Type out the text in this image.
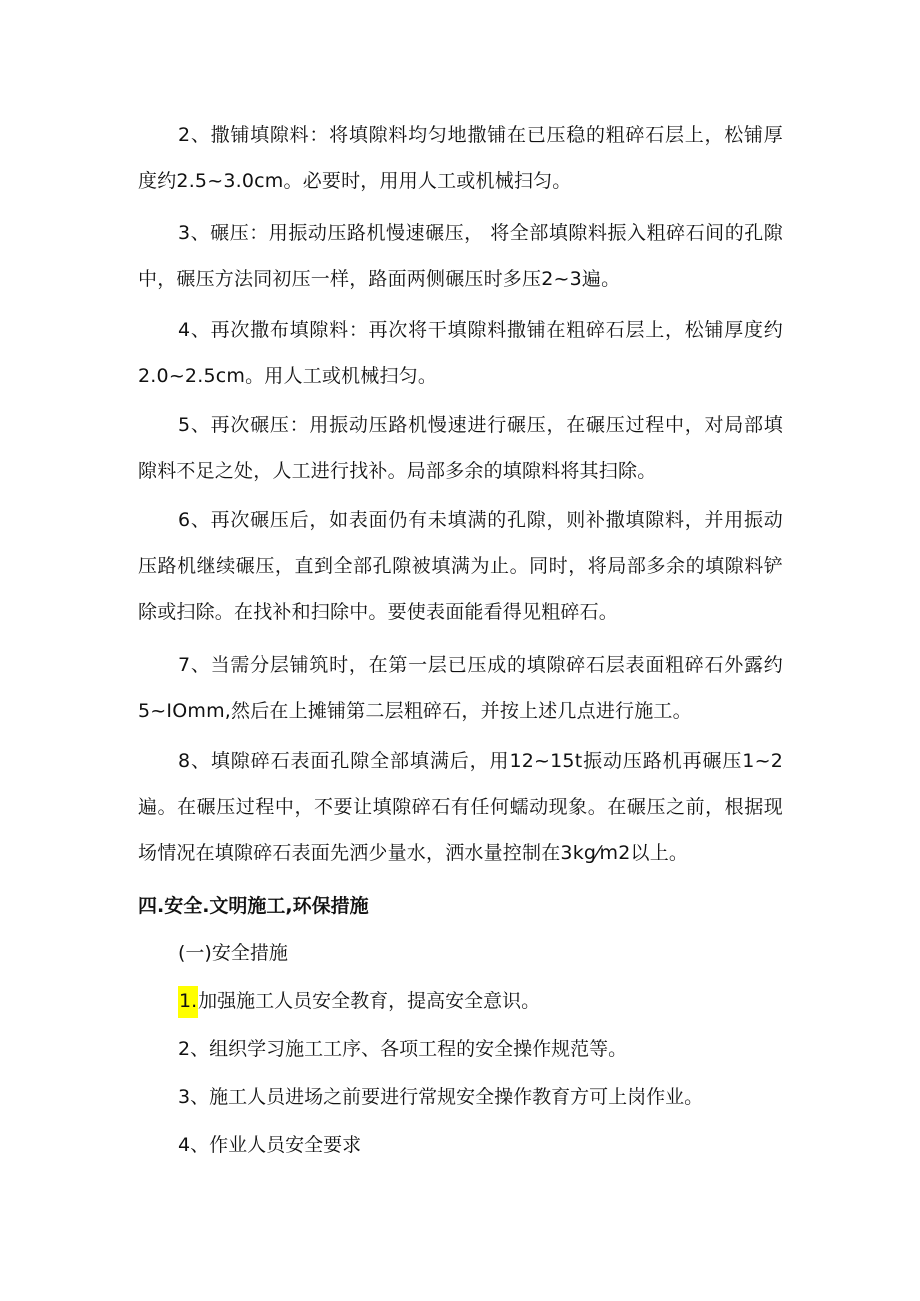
2、撒铺填隙料：将填隙料均匀地撒铺在已压稳的粗碎石层上，松铺厚度约2.5~3.0cm。必要时，用用人工或机械扫匀。

3、碾压：用振动压路机慢速碾压， 将全部填隙料振入粗碎石间的孔隙中，碾压方法同初压一样，路面两侧碾压时多压2~3遍。

4、再次撒布填隙料：再次将干填隙料撒铺在粗碎石层上，松铺厚度约2.0~2.5cm。用人工或机械扫匀。

5、再次碾压：用振动压路机慢速进行碾压，在碾压过程中，对局部填隙料不足之处，人工进行找补。局部多余的填隙料将其扫除。

6、再次碾压后，如表面仍有未填满的孔隙，则补撒填隙料，并用振动压路机继续碾压，直到全部孔隙被填满为止。同时，将局部多余的填隙料铲除或扫除。在找补和扫除中。要使表面能看得见粗碎石。

7、当需分层铺筑时，在第一层已压成的填隙碎石层表面粗碎石外露约5~IOmm,然后在上摊铺第二层粗碎石，并按上述几点进行施工。

8、填隙碎石表面孔隙全部填满后，用12~15t振动压路机再碾压1~2遍。在碾压过程中，不要让填隙碎石有任何蠕动现象。在碾压之前，根据现场情况在填隙碎石表面先洒少量水，洒水量控制在3kg⁄m2以上。

四.安全.文明施工,环保措施

(一)安全措施

1.加强施工人员安全教育，提高安全意识。

2、组织学习施工工序、各项工程的安全操作规范等。

3、施工人员进场之前要进行常规安全操作教育方可上岗作业。

4、作业人员安全要求
